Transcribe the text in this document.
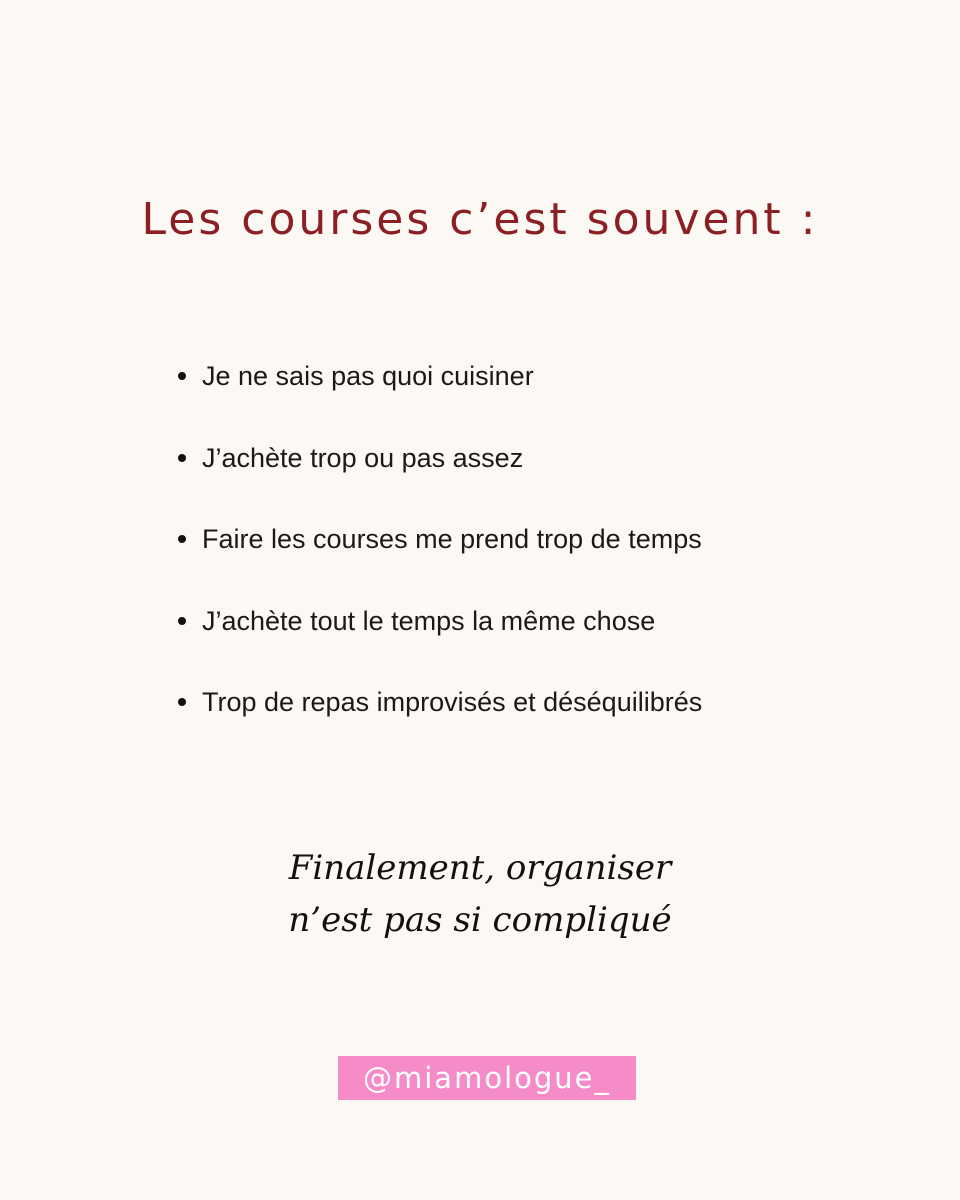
Les courses c’est souvent :
Je ne sais pas quoi cuisiner
J’achète trop ou pas assez
Faire les courses me prend trop de temps
J’achète tout le temps la même chose
Trop de repas improvisés et déséquilibrés
Finalement, organiser
n’est pas si compliqué
@miamologue_
